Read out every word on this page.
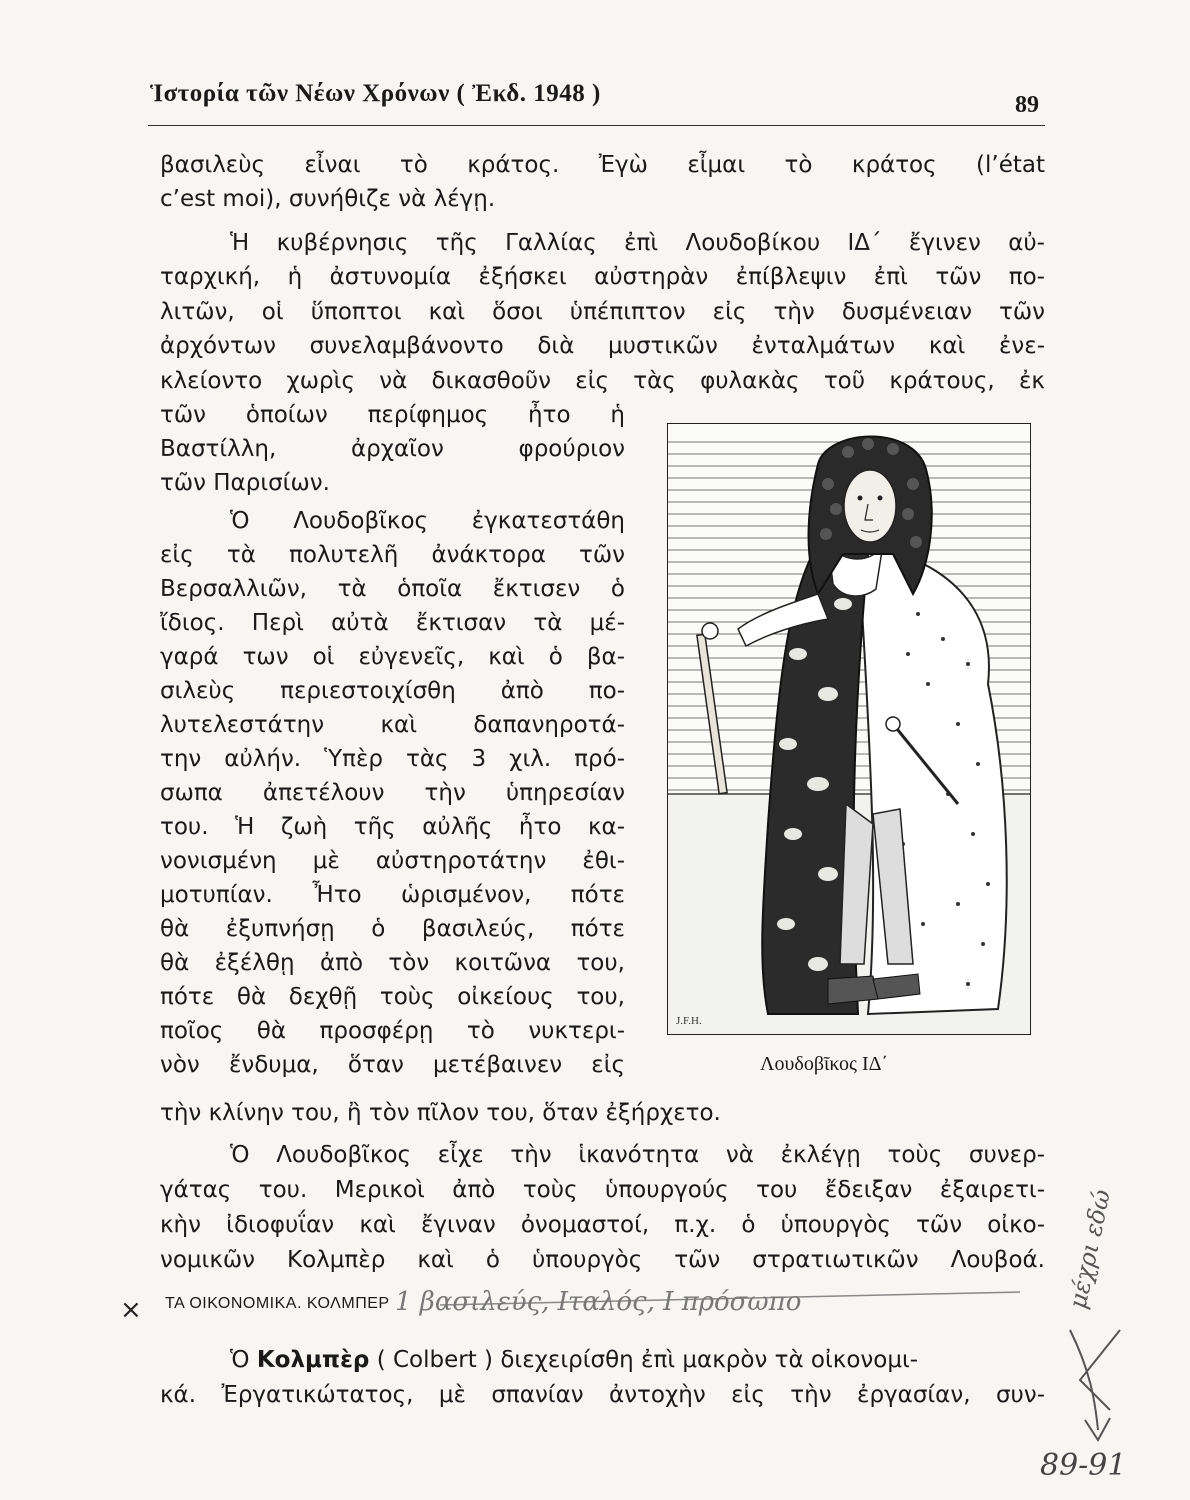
Ἱστορία τῶν Νέων Χρόνων ( Ἐκδ. 1948 )	89
βασιλεὺς εἶναι τὸ κράτος. Ἐγὼ εἶμαι τὸ κράτος (l’état
c’est moi), συνήθιζε νὰ λέγῃ.
Ἡ κυβέρνησις τῆς Γαλλίας ἐπὶ Λουδοβίκου ΙΔ΄ ἔγινεν αὐ-
ταρχική, ἡ ἀστυνομία ἐξήσκει αὐστηρὰν ἐπίβλεψιν ἐπὶ τῶν πο-
λιτῶν, οἱ ὕποπτοι καὶ ὅσοι ὑπέπιπτον εἰς τὴν δυσμένειαν τῶν
ἀρχόντων συνελαμβάνοντο διὰ μυστικῶν ἐνταλμάτων καὶ ἐνε-
κλείοντο χωρὶς νὰ δικασθοῦν εἰς τὰς φυλακὰς τοῦ κράτους, ἐκ
τῶν ὁποίων περίφημος ἦτο ἡ
Βαστίλλη, ἀρχαῖον φρούριον
τῶν Παρισίων.
Ὁ Λουδοβῖκος ἐγκατεστάθη
εἰς τὰ πολυτελῆ ἀνάκτορα τῶν
Βερσαλλιῶν, τὰ ὁποῖα ἔκτισεν ὁ
ἴδιος. Περὶ αὐτὰ ἔκτισαν τὰ μέ-
γαρά των οἱ εὐγενεῖς, καὶ ὁ βα-
σιλεὺς περιεστοιχίσθη ἀπὸ πο-
λυτελεστάτην καὶ δαπανηροτά-
την αὐλήν. Ὑπὲρ τὰς 3 χιλ. πρό-
σωπα ἀπετέλουν τὴν ὑπηρεσίαν
του. Ἡ ζωὴ τῆς αὐλῆς ἦτο κα-
νονισμένη μὲ αὐστηροτάτην ἐθι-
μοτυπίαν. Ἦτο ὡρισμένον, πότε
θὰ ἐξυπνήσῃ ὁ βασιλεύς, πότε
θὰ ἐξέλθῃ ἀπὸ τὸν κοιτῶνα του,
πότε θὰ δεχθῇ τοὺς οἰκείους του,
ποῖος θὰ προσφέρῃ τὸ νυκτερι-
νὸν ἔνδυμα, ὅταν μετέβαινεν εἰς
J.F.H.
Λουδοβῖκος ΙΔ΄
τὴν κλίνην του, ἢ τὸν πῖλον του, ὅταν ἐξήρχετο.
Ὁ Λουδοβῖκος εἶχε τὴν ἱκανότητα νὰ ἐκλέγῃ τοὺς συνερ-
γάτας του. Μερικοὶ ἀπὸ τοὺς ὑπουργούς του ἔδειξαν ἐξαιρετι-
κὴν ἰδιοφυΐαν καὶ ἔγιναν ὀνομαστοί, π.χ. ὁ ὑπουργὸς τῶν οἰκο-
νομικῶν Κολμπὲρ καὶ ὁ ὑπουργὸς τῶν στρατιωτικῶν Λουβοά.
× ΤΑ ΟΙΚΟΝΟΜΙΚΑ. ΚΟΛΜΠΕΡ
Ὁ Κολμπὲρ ( Colbert ) διεχειρίσθη ἐπὶ μακρὸν τὰ οἰκονομι-
κά. Ἐργατικώτατος, μὲ σπανίαν ἀντοχὴν εἰς τὴν ἐργασίαν, συν-
1 βασιλεύς, Ιταλός, Ι πρόσωπο	μέχρι εδώ
89-91
